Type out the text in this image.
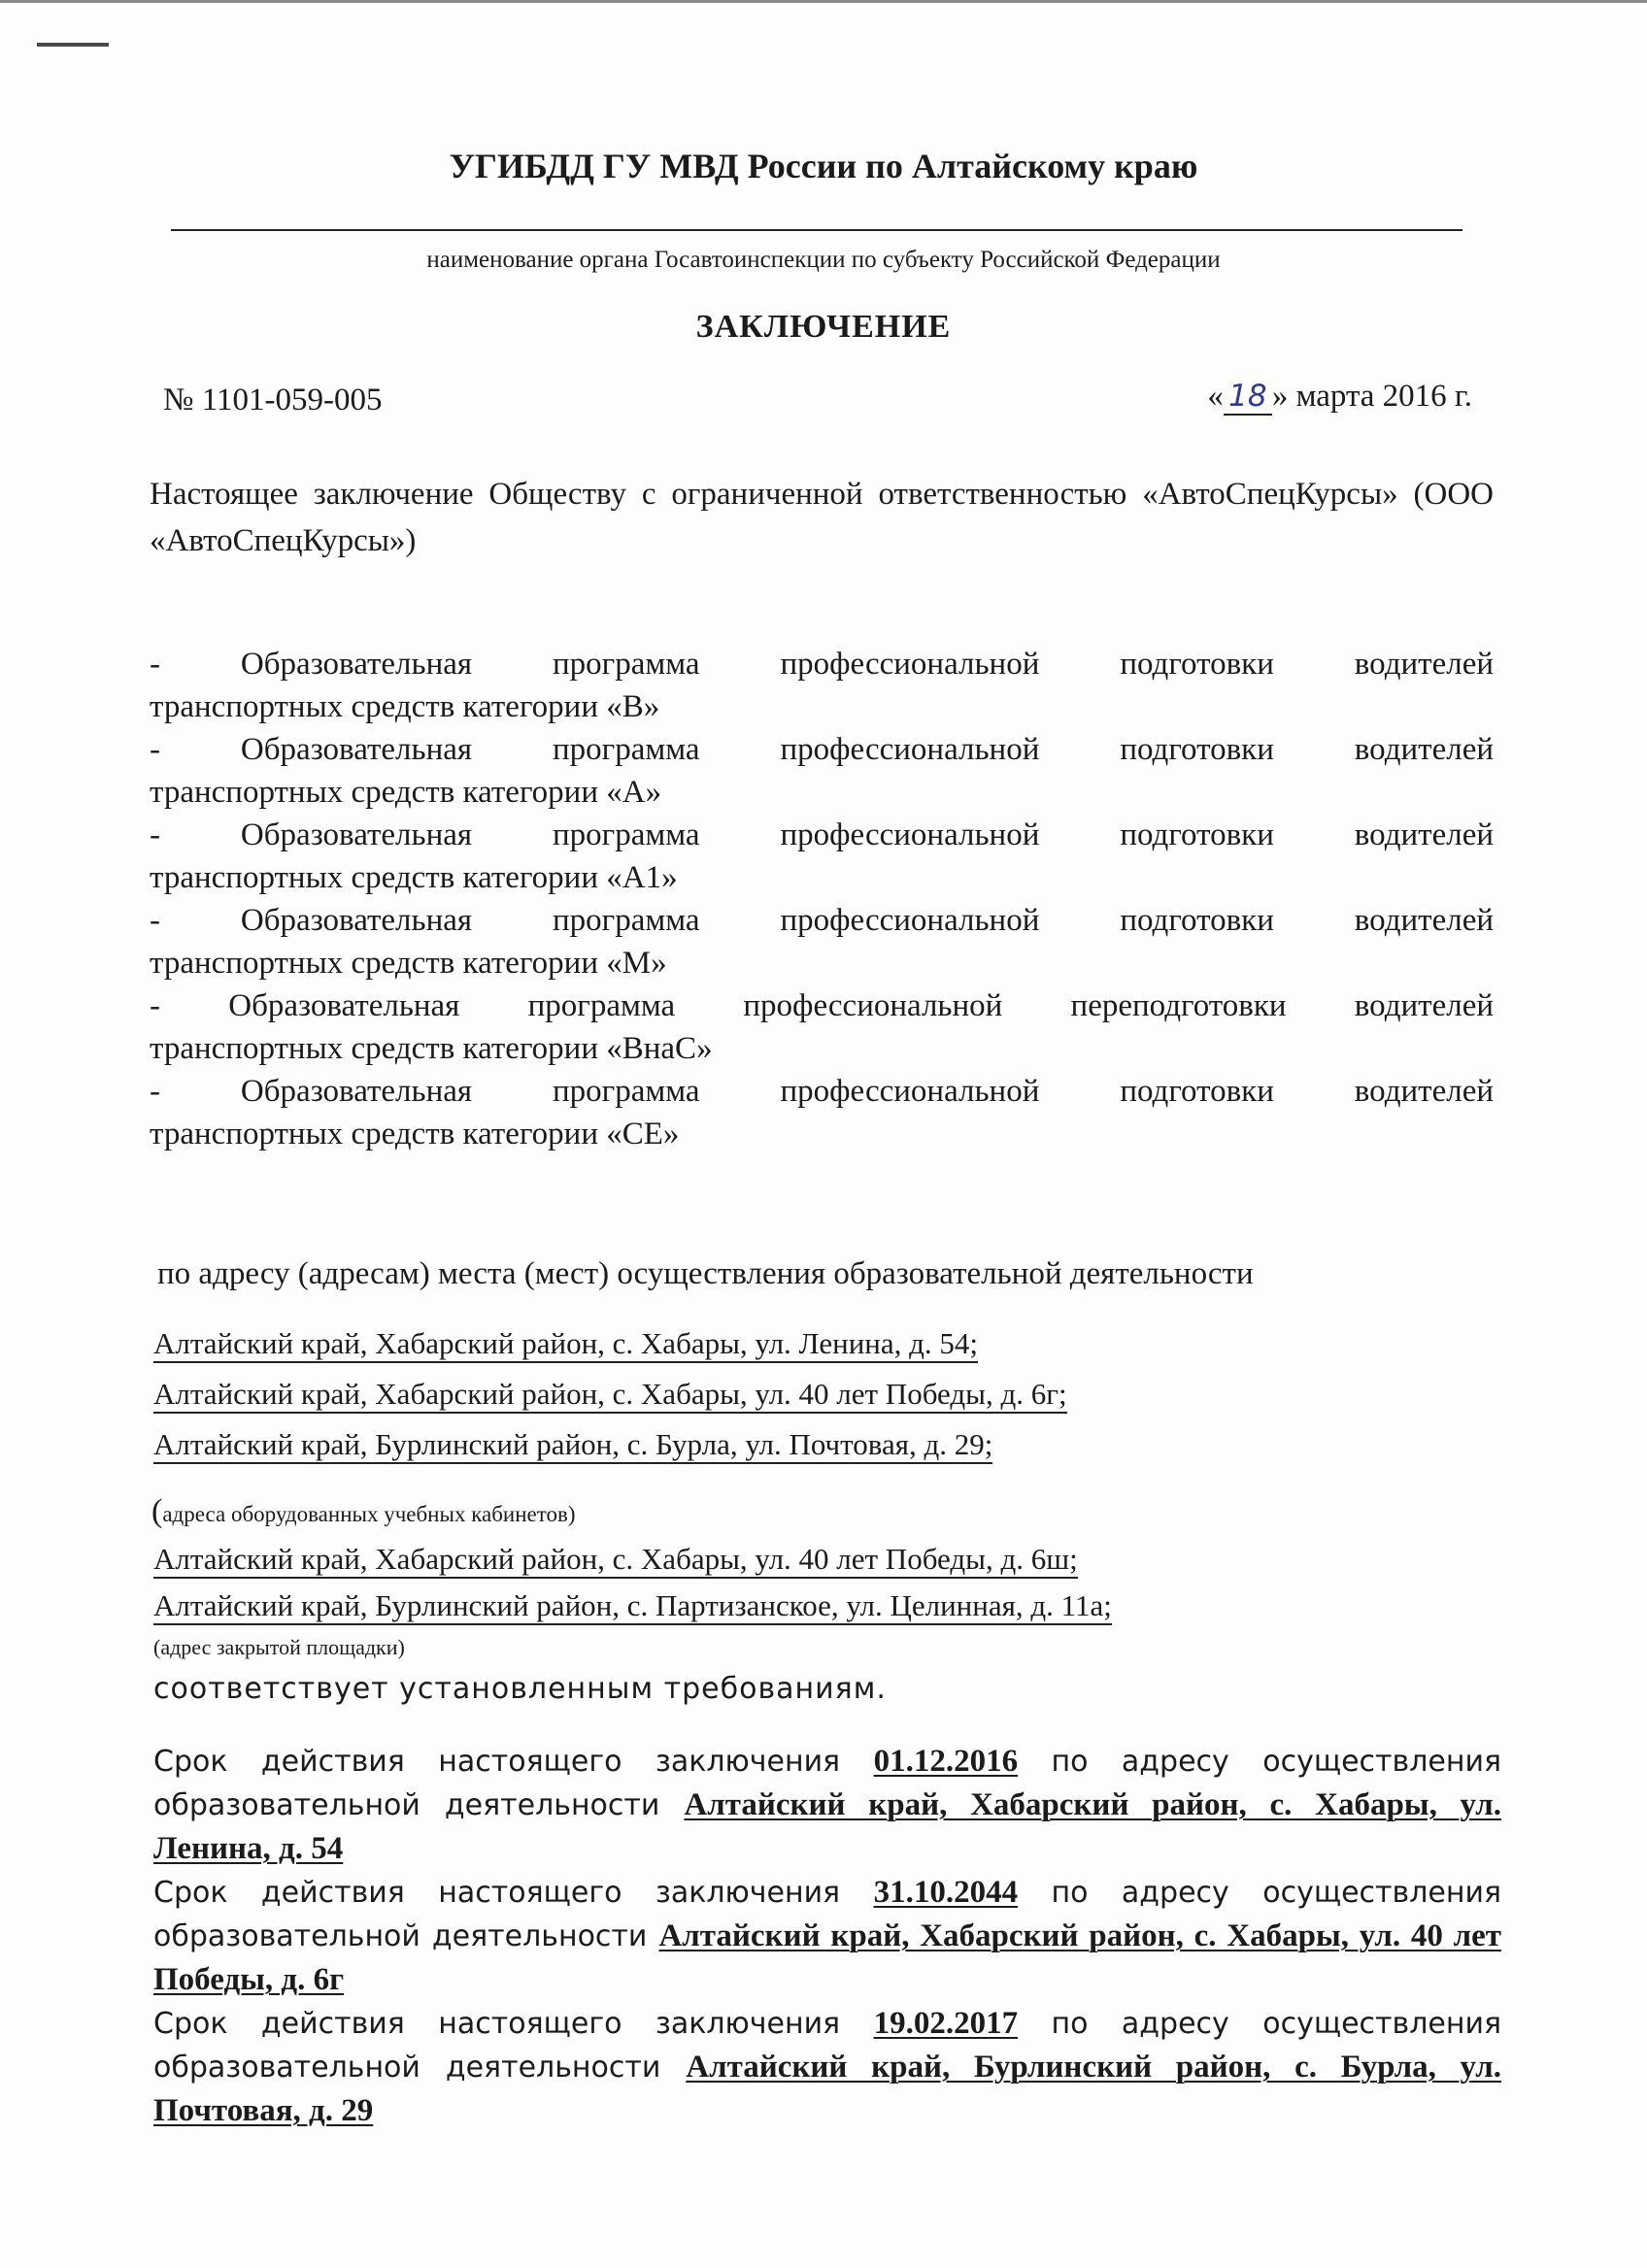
УГИБДД ГУ МВД России по Алтайскому краю
наименование органа Госавтоинспекции по субъекту Российской Федерации
ЗАКЛЮЧЕНИЕ
№ 1101-059-005	« 18 » марта 2016 г.

Настоящее заключение Обществу с ограниченной ответственностью «АвтоСпецКурсы» (ООО «АвтоСпецКурсы»)

- Образовательная программа профессиональной подготовки водителей
транспортных средств категории «В»
- Образовательная программа профессиональной подготовки водителей
транспортных средств категории «А»
- Образовательная программа профессиональной подготовки водителей
транспортных средств категории «А1»
- Образовательная программа профессиональной подготовки водителей
транспортных средств категории «М»
- Образовательная программа профессиональной переподготовки водителей
транспортных средств категории «ВнаС»
- Образовательная программа профессиональной подготовки водителей
транспортных средств категории «СЕ»
по адресу (адресам) места (мест) осуществления образовательной деятельности
Алтайский край, Хабарский район, с. Хабары, ул. Ленина, д. 54;
Алтайский край, Хабарский район, с. Хабары, ул. 40 лет Победы, д. 6г;
Алтайский край, Бурлинский район, с. Бурла, ул. Почтовая, д. 29;
(адреса оборудованных учебных кабинетов)
Алтайский край, Хабарский район, с. Хабары, ул. 40 лет Победы, д. 6ш;
Алтайский край, Бурлинский район, с. Партизанское, ул. Целинная, д. 11а;
(адрес закрытой площадки)
соответствует установленным требованиям.

Срок действия настоящего заключения 01.12.2016 по адресу осуществления образовательной деятельности Алтайский край, Хабарский район, с. Хабары, ул. Ленина, д. 54

Срок действия настоящего заключения 31.10.2044 по адресу осуществления образовательной деятельности Алтайский край, Хабарский район, с. Хабары, ул. 40 лет Победы, д. 6г

Срок действия настоящего заключения 19.02.2017 по адресу осуществления образовательной деятельности Алтайский край, Бурлинский район, с. Бурла, ул. Почтовая, д. 29
